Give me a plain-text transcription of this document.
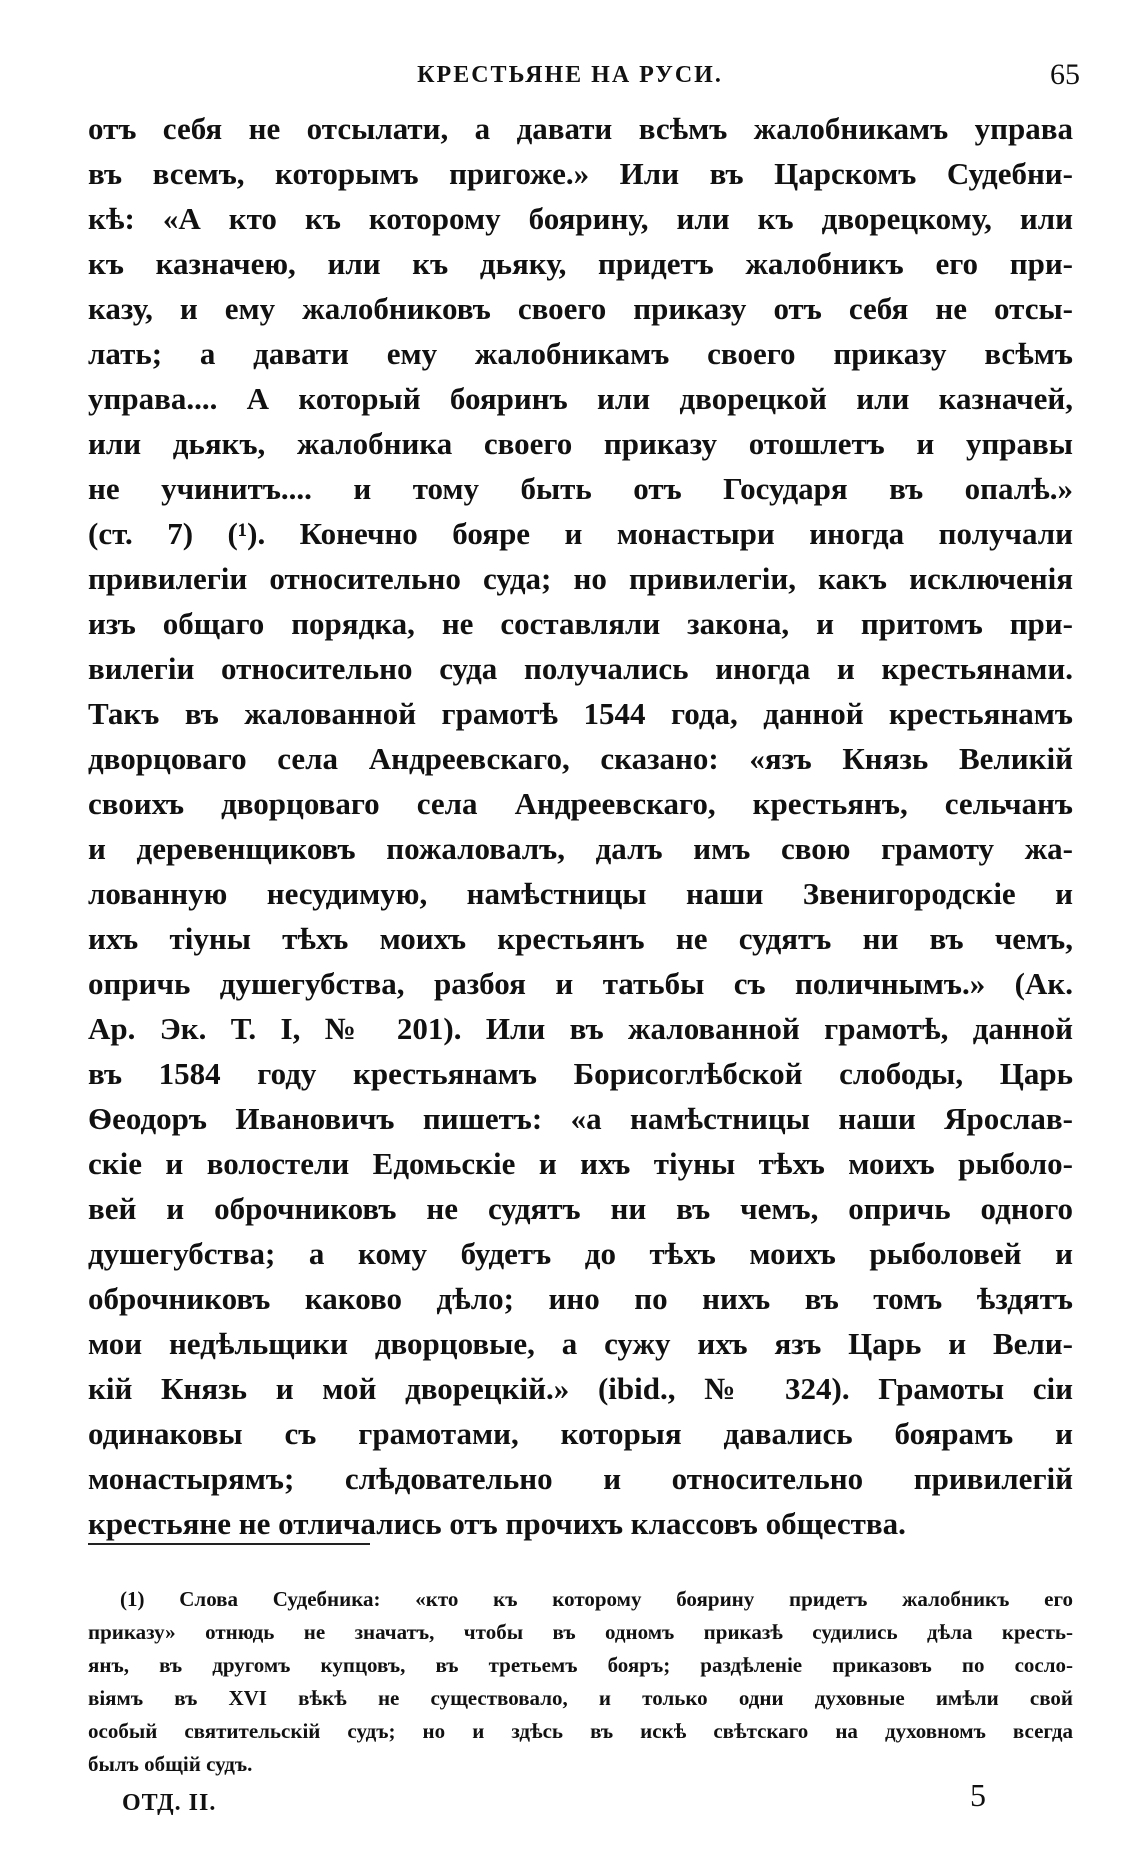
КРЕСТЬЯНЕ НА РУСИ.	65
отъ себя не отсылати, а давати всѣмъ жалобникамъ управа
въ всемъ, которымъ пригоже.» Или въ Царскомъ Судебни-
кѣ: «А кто къ которому боярину, или къ дворецкому, или
къ казначею, или къ дьяку, придетъ жалобникъ его при-
казу, и ему жалобниковъ своего приказу отъ себя не отсы-
лать; а давати ему жалобникамъ своего приказу всѣмъ
управа.... А который бояринъ или дворецкой или казначей,
или дьякъ, жалобника своего приказу отошлетъ и управы
не учинитъ.... и тому быть отъ Государя въ опалѣ.»
(ст. 7) (¹). Конечно бояре и монастыри иногда получали
привилегіи относительно суда; но привилегіи, какъ исключенія
изъ общаго порядка, не составляли закона, и притомъ при-
вилегіи относительно суда получались иногда и крестьянами.
Такъ въ жалованной грамотѣ 1544 года, данной крестьянамъ
дворцоваго села Андреевскаго, сказано: «язъ Князь Великій
своихъ дворцоваго села Андреевскаго, крестьянъ, сельчанъ
и деревенщиковъ пожаловалъ, далъ имъ свою грамоту жа-
лованную несудимую, намѣстницы наши Звенигородскіе и
ихъ тіуны тѣхъ моихъ крестьянъ не судятъ ни въ чемъ,
опричь душегубства, разбоя и татьбы съ поличнымъ.» (Ак.
Ар. Эк. Т. I, № 201). Или въ жалованной грамотѣ, данной
въ 1584 году крестьянамъ Борисоглѣбской слободы, Царь
Ѳеодоръ Ивановичъ пишетъ: «а намѣстницы наши Ярослав-
скіе и волостели Едомьскіе и ихъ тіуны тѣхъ моихъ рыболо-
вей и оброчниковъ не судятъ ни въ чемъ, опричь одного
душегубства; а кому будетъ до тѣхъ моихъ рыболовей и
оброчниковъ каково дѣло; ино по нихъ въ томъ ѣздятъ
мои недѣльщики дворцовые, а сужу ихъ язъ Царь и Вели-
кій Князь и мой дворецкій.» (ibid., № 324). Грамоты сіи
одинаковы съ грамотами, которыя давались боярамъ и
монастырямъ; слѣдовательно и относительно привилегій
крестьяне не отличались отъ прочихъ классовъ общества.
(1) Слова Судебника: «кто къ которому боярину придетъ жалобникъ его
приказу» отнюдь не значатъ, чтобы въ одномъ приказѣ судились дѣла кресть-
янъ, въ другомъ купцовъ, въ третьемъ бояръ; раздѣленіе приказовъ по сосло-
віямъ въ XVI вѣкѣ не существовало, и только одни духовные имѣли свой
особый святительскій судъ; но и здѣсь въ искѣ свѣтскаго на духовномъ всегда
былъ общій судъ.
ОТД. II.	5
